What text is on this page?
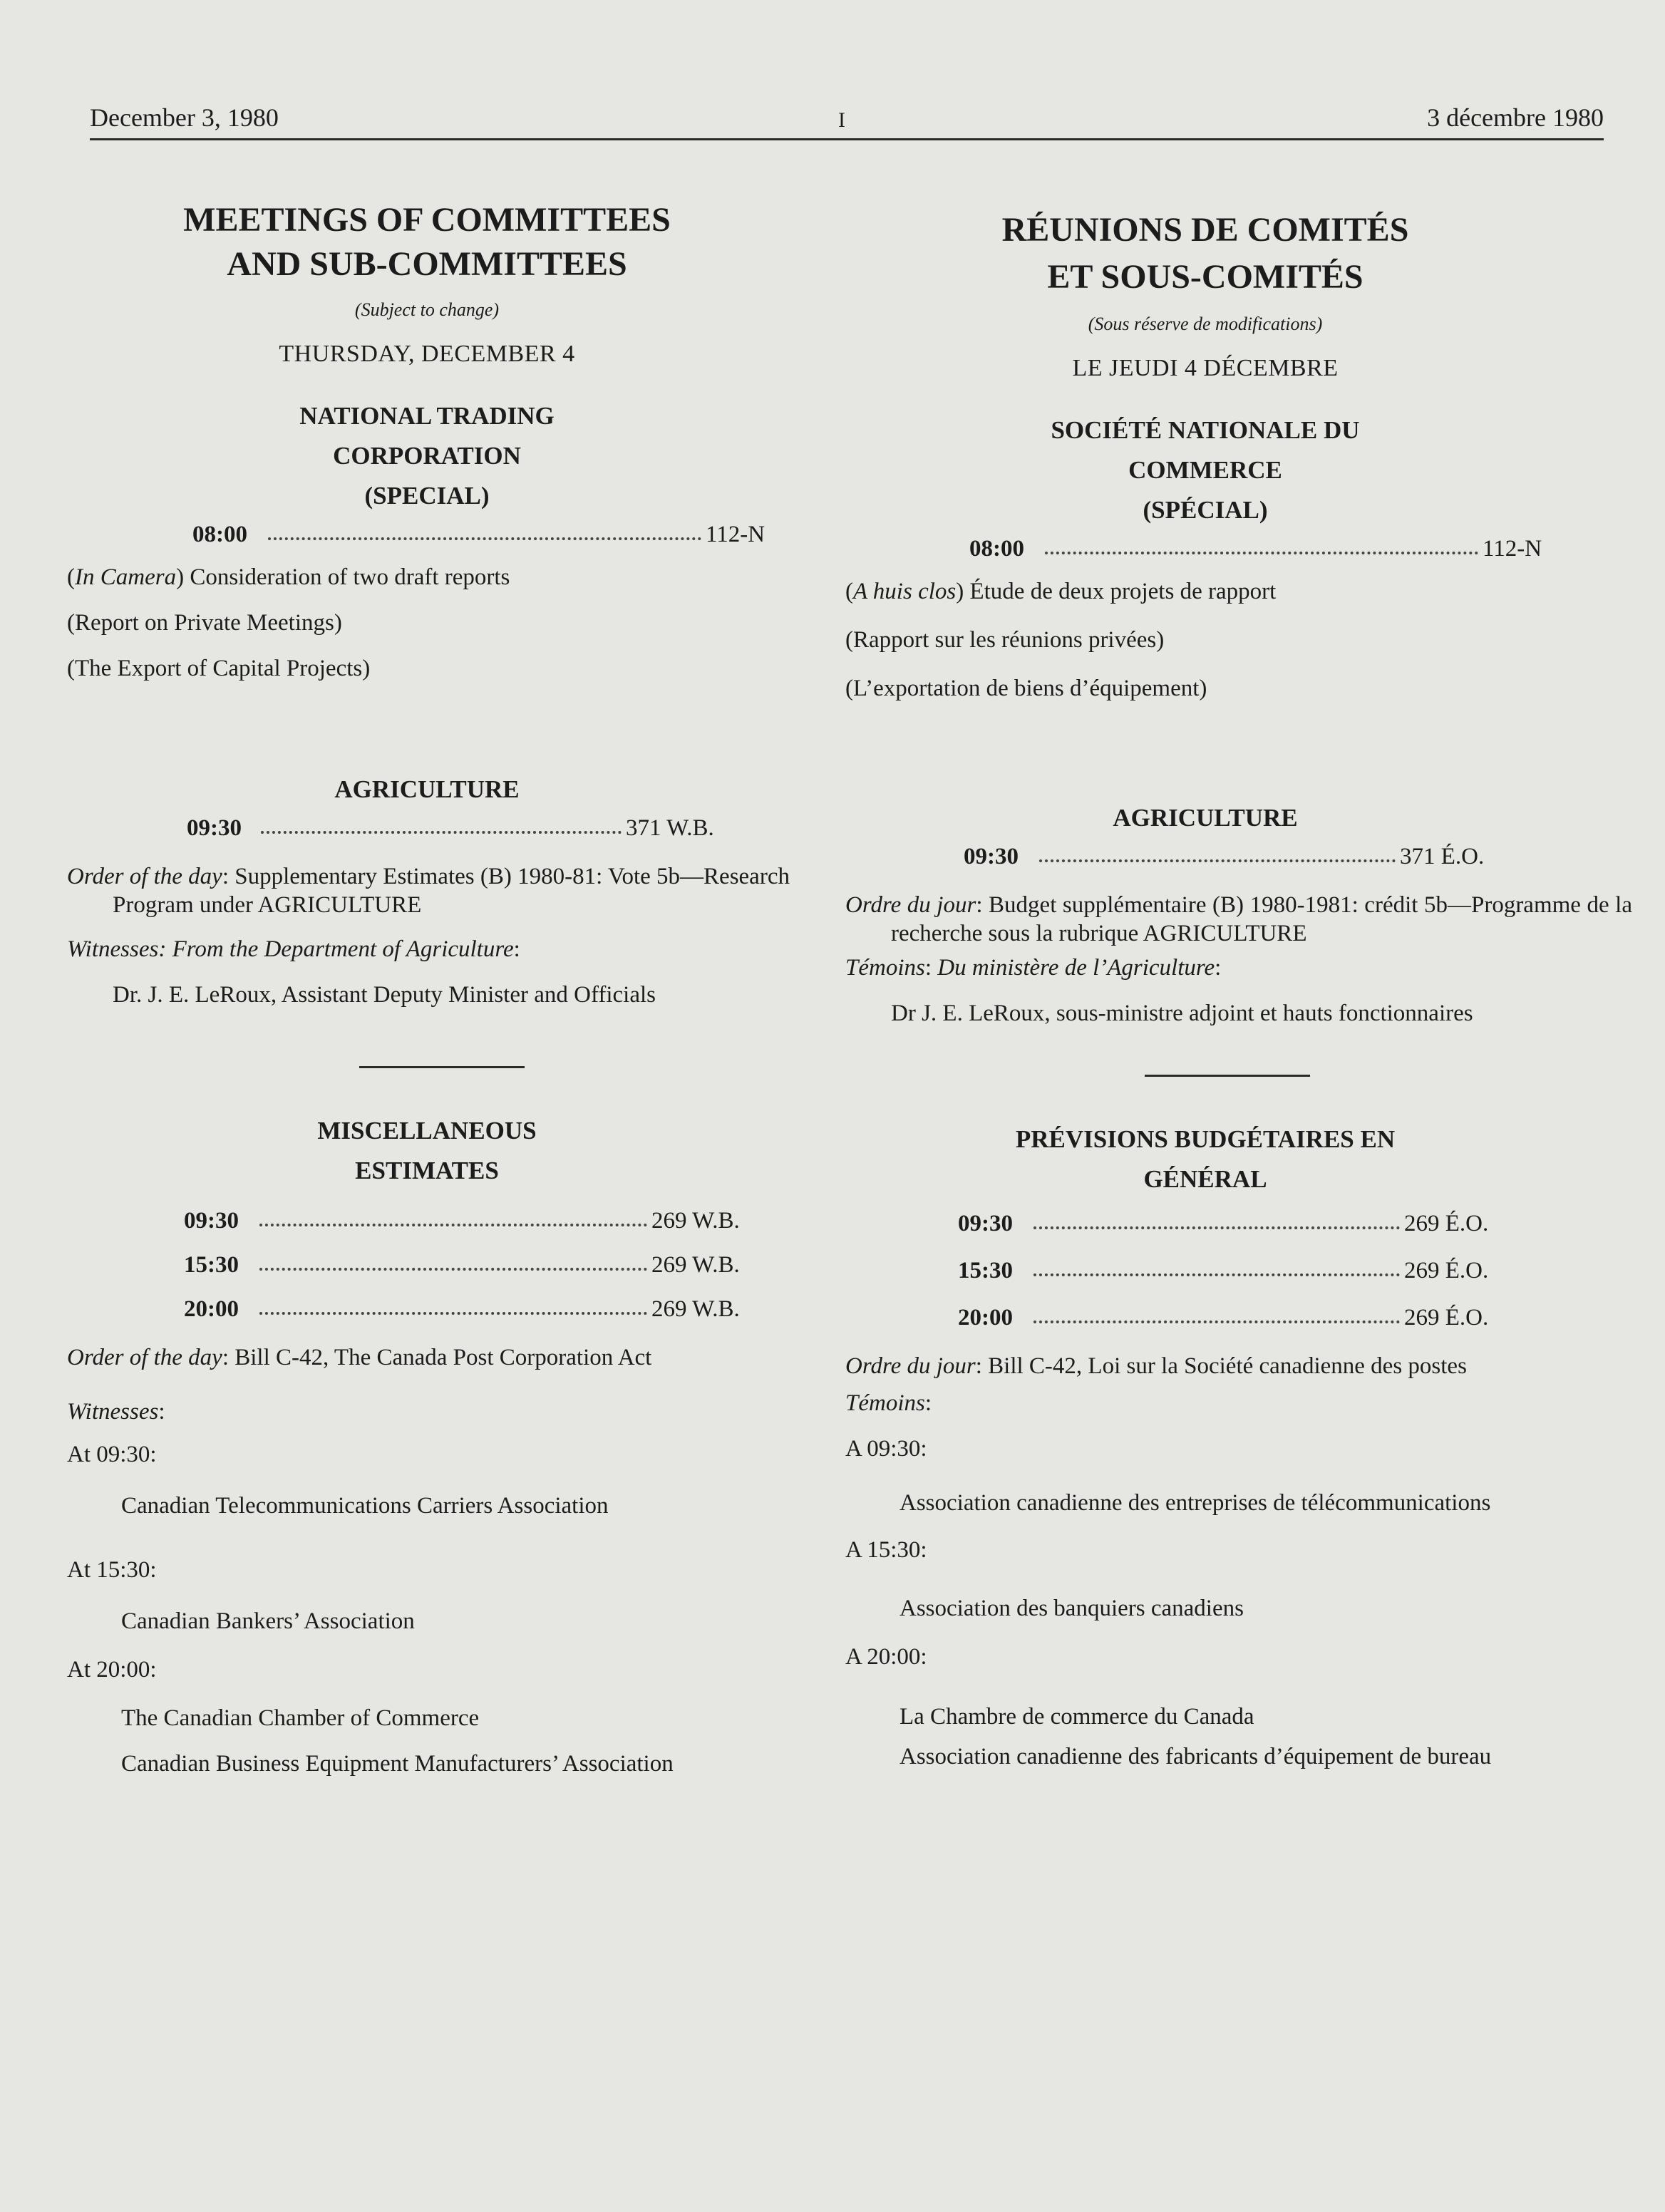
December 3, 1980	I	3 décembre 1980
MEETINGS OF COMMITTEES
AND SUB-COMMITTEES
(Subject to change)
THURSDAY, DECEMBER 4
NATIONAL TRADING
CORPORATION
(SPECIAL)
08:00	112-N
(In Camera) Consideration of two draft reports
(Report on Private Meetings)
(The Export of Capital Projects)
AGRICULTURE
09:30	371 W.B.
Order of the day: Supplementary Estimates (B) 1980-81: Vote 5b—Research Program under AGRICULTURE
Witnesses: From the Department of Agriculture:
Dr. J. E. LeRoux, Assistant Deputy Minister and Officials
MISCELLANEOUS
ESTIMATES
09:30	269 W.B.
15:30	269 W.B.
20:00	269 W.B.
Order of the day: Bill C-42, The Canada Post Corporation Act
Witnesses:
At 09:30:
Canadian Telecommunications Carriers Association
At 15:30:
Canadian Bankers’ Association
At 20:00:
The Canadian Chamber of Commerce
Canadian Business Equipment Manufacturers’ Association
RÉUNIONS DE COMITÉS
ET SOUS-COMITÉS
(Sous réserve de modifications)
LE JEUDI 4 DÉCEMBRE
SOCIÉTÉ NATIONALE DU
COMMERCE
(SPÉCIAL)
08:00	112-N
(A huis clos) Étude de deux projets de rapport
(Rapport sur les réunions privées)
(L’exportation de biens d’équipement)
AGRICULTURE
09:30	371 É.O.
Ordre du jour: Budget supplémentaire (B) 1980-1981: crédit 5b—Programme de la recherche sous la rubrique AGRICULTURE
Témoins: Du ministère de l’Agriculture:
Dr J. E. LeRoux, sous-ministre adjoint et hauts fonctionnaires
PRÉVISIONS BUDGÉTAIRES EN
GÉNÉRAL
09:30	269 É.O.
15:30	269 É.O.
20:00	269 É.O.
Ordre du jour: Bill C-42, Loi sur la Société canadienne des postes
Témoins:
A 09:30:
Association canadienne des entreprises de télécommunications
A 15:30:
Association des banquiers canadiens
A 20:00:
La Chambre de commerce du Canada
Association canadienne des fabricants d’équipement de bureau
